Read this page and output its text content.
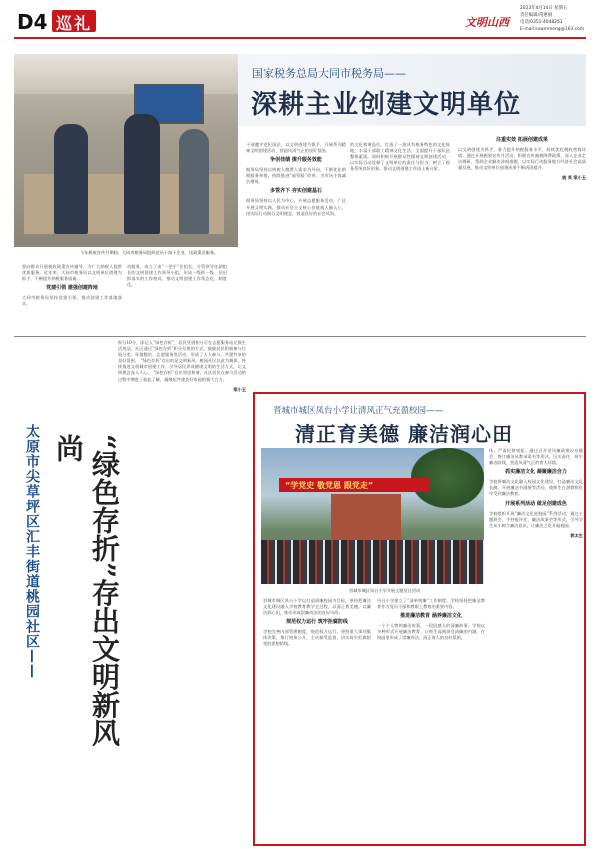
D4 巡礼	文明山西
2023年4月14日 星期五
责任编辑/常惠丽
电话/0351-4048251
E-mail:sxwmmeng@163.com
今年税收宣传月期间，大同市税务局组织党员干部下企业，送政策送服务。
国家税务总局大同市税务局——
深耕主业创建文明单位
要向群众开展税收政策宣传辅导，为广大纳税人提供优质服务。近年来，大同市税务局以文明单位创建为抓手，不断提升纳税服务质量。
党建引领 建强创建阵地
大同市税务局坚持党建引领，推动创建工作落地落实。
功服务。成立了由“一把手”任组长，分管领导任副组长的文明创建工作领导小组，形成一级抓一级、层层抓落实的工作格局，推动文明创建工作常态化、制度化。
干部遵守党纪国法，以文明创建为抓手，开展系列精神文明创建活动，营造风清气正的良好氛围。
争创佳绩 提升服务效能
税务局坚持以纳税人缴费人需求为导向，不断优化纳税服务举措，持续推进“放管服”改革，为市场主体减负增效。
多管齐下 夯实创建基石
税务局坚持以人民为中心，开展志愿服务活动，广泛开展文明实践，推动社会主义核心价值观入脑入心，用实际行动践行文明理念，营造良好的社会风尚。
的文化和谐品位。打造了一批具有税务特色的文化阵地，丰富干部职工精神文化生活，全面提升干部队伍整体素质。同时积极开展群众性精神文明创建活动，以实际行动诠释了文明单位的责任与担当，树立了税务系统良好形象，推动文明创建工作再上新台阶。
注重实效 拓展创建成果
以文明创建为抓手，着力提升纳税服务水平，持续优化税收营商环境。通过开展税收宣传月活动，积极宣传减税降费政策，深入企业走访调研，帮助企业解决涉税难题，以实际行动服务地方经济社会高质量发展，推动文明单位创建成果不断巩固提升。
姚 英 梁小玉
太原市尖草坪区汇丰街道桃园社区——	“绿色存折”存出文明新风尚
积分10分，即记入“绿色存折”，居民凭借积分可在志愿服务站兑换生活用品。社区通过“绿色存折”积分兑换的方式，鼓励居民积极参与垃圾分类、环境整治、志愿服务等活动，形成了人人参与、共建共享的良好氛围。 “绿色存折”存出的是文明新风，桃园社区以此为载体，持续推进文明城市创建工作，引导居民养成健康文明的生活方式，让文明理念深入人心。 “绿色存折”存出邻里和谐，社区居民在参与活动的过程中增进了彼此了解，凝聚起共建美好家园的强大合力。
梁小玉
晋城市城区凤台小学让清风正气充盈校园——
清正育美德 廉洁润心田
“学党史 敬党恩 跟党走”
晋城市城区凤台小学开展主题党日活动
体，严肃纪律规矩。通过召开党风廉政建设专题会、签订廉洁从教承诺书等形式，压实责任，筑牢廉洁防线，营造风清气正的育人环境。
抓实廉洁文化 凝聚廉洁合力
学校将廉洁文化融入校园文化建设，打造廉洁文化长廊，开展廉洁书画展等活动，使师生在潜移默化中受到廉洁教育。
开展系列活动 做足创建成色
学校组织开展“廉洁文化进校园”系列活动，通过主题班会、手抄报评比、廉洁故事会等形式，引导学生从小树立廉洁意识，让廉洁之花开遍校园。
郭太生
晋城市城区凤台小学以打造清廉校园为目标，坚持把廉洁文化建设融入学校教育教学全过程，以清正育美德，以廉洁润心田，推动形成崇廉尚洁的良好风尚。
规范权力运行 筑牢拒腐防线
学校完善内部管理制度，规范权力运行，坚持重大事项集体决策，推行校务公开，主动接受监督，切实筑牢拒腐防变的思想防线。
风台小学建立了“清单明廉”工作制度，学校坚持把廉洁教育作为党员干部和教职工教育的重要内容。
推进廉洁教育 涵养廉洁文化
一个个人物的廉洁故事，一段段感人的清廉故事，学校以多种形式开展廉洁教育，让师生深刻领会清廉的内涵，在校园里形成了崇廉尚洁、清正育人的良好氛围。
